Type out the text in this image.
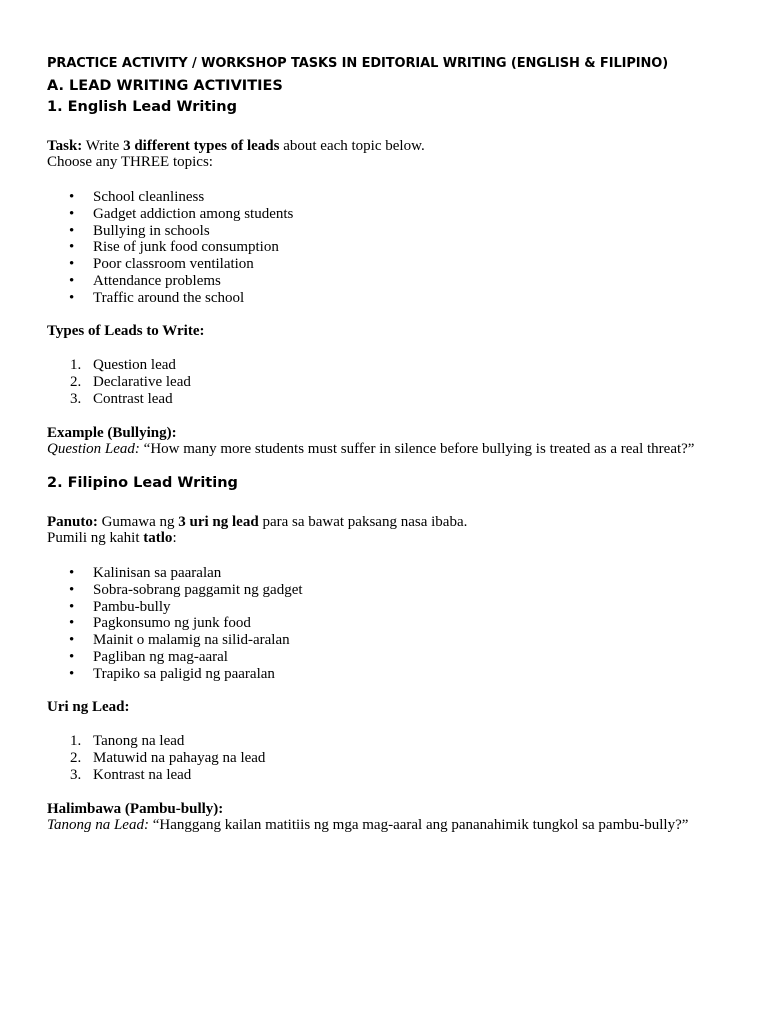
PRACTICE ACTIVITY / WORKSHOP TASKS IN EDITORIAL WRITING (ENGLISH & FILIPINO)
A. LEAD WRITING ACTIVITIES
1. English Lead Writing
Task: Write 3 different types of leads about each topic below.
Choose any THREE topics:
• School cleanliness
• Gadget addiction among students
• Bullying in schools
• Rise of junk food consumption
• Poor classroom ventilation
• Attendance problems
• Traffic around the school
Types of Leads to Write:
1. Question lead
2. Declarative lead
3. Contrast lead
Example (Bullying):
Question Lead: “How many more students must suffer in silence before bullying is treated as a real threat?”
2. Filipino Lead Writing
Panuto: Gumawa ng 3 uri ng lead para sa bawat paksang nasa ibaba.
Pumili ng kahit tatlo:
• Kalinisan sa paaralan
• Sobra-sobrang paggamit ng gadget
• Pambu-bully
• Pagkonsumo ng junk food
• Mainit o malamig na silid-aralan
• Pagliban ng mag-aaral
• Trapiko sa paligid ng paaralan
Uri ng Lead:
1. Tanong na lead
2. Matuwid na pahayag na lead
3. Kontrast na lead
Halimbawa (Pambu-bully):
Tanong na Lead: “Hanggang kailan matitiis ng mga mag-aaral ang pananahimik tungkol sa pambu-bully?”
